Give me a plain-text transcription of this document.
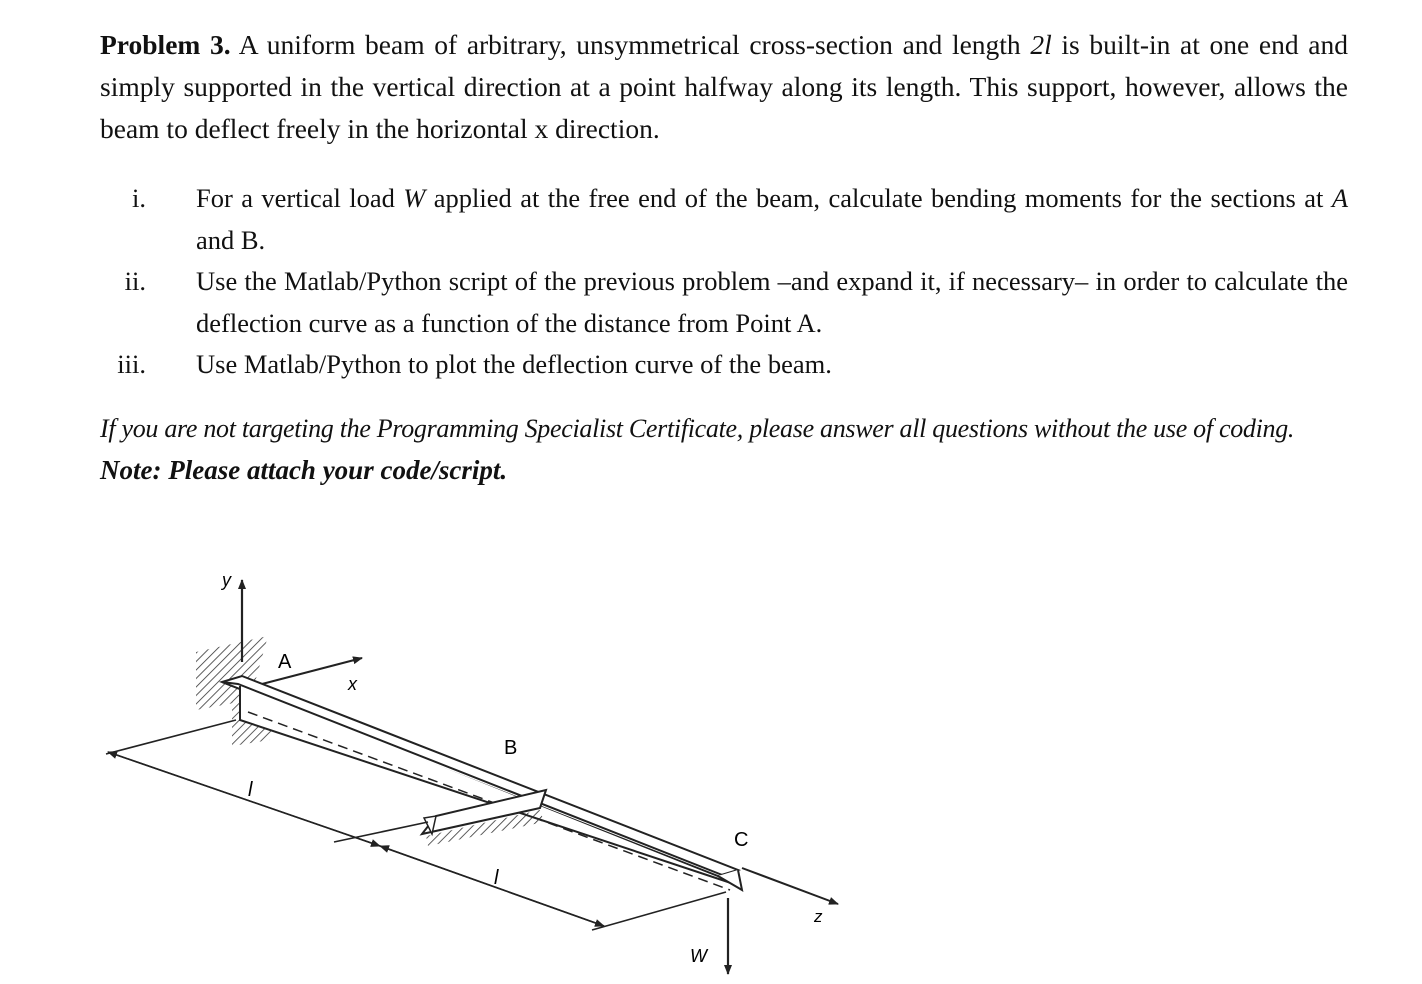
Problem 3. A uniform beam of arbitrary, unsymmetrical cross-section and length 2l is built-in at one end and simply supported in the vertical direction at a point halfway along its length. This support, however, allows the beam to deflect freely in the horizontal x direction.
i. For a vertical load W applied at the free end of the beam, calculate bending moments for the sections at A and B.
ii. Use the Matlab/Python script of the previous problem –and expand it, if necessary– in order to calculate the deflection curve as a function of the distance from Point A.
iii. Use Matlab/Python to plot the deflection curve of the beam.
If you are not targeting the Programming Specialist Certificate, please answer all questions without the use of coding.
Note: Please attach your code/script.
y
x
A
B
z
C
W
l
l
